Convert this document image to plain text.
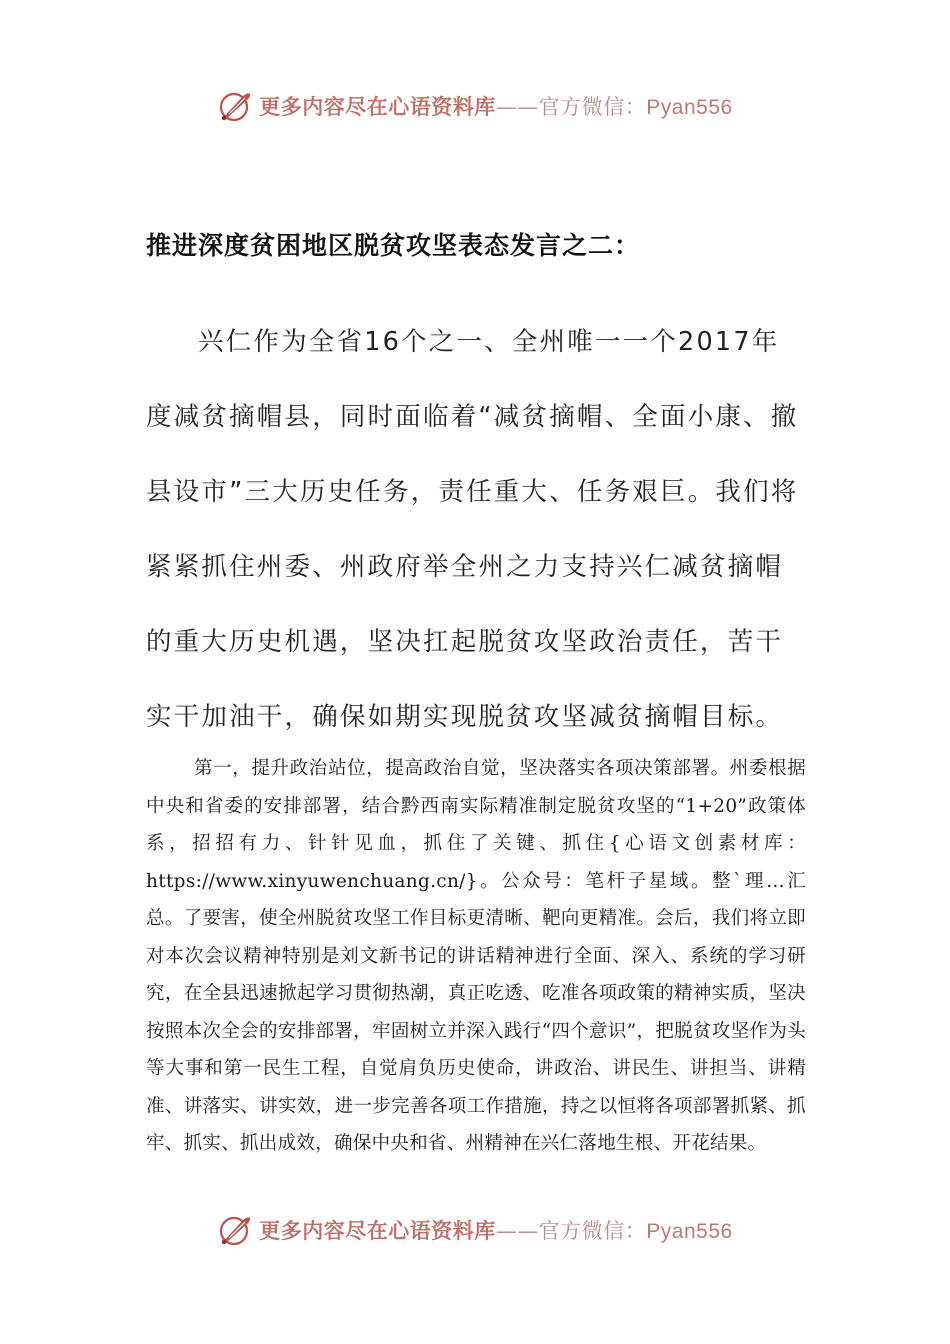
更多内容尽在心语资料库——官方微信：Pyan556
推进深度贫困地区脱贫攻坚表态发言之二：

兴仁作为全省16个之一、全州唯一一个2017年度减贫摘帽县，同时面临着“减贫摘帽、全面小康、撤县设市”三大历史任务，责任重大、任务艰巨。我们将紧紧抓住州委、州政府举全州之力支持兴仁减贫摘帽的重大历史机遇，坚决扛起脱贫攻坚政治责任，苦干实干加油干，确保如期实现脱贫攻坚减贫摘帽目标。

第一，提升政治站位，提高政治自觉，坚决落实各项决策部署。州委根据中央和省委的安排部署，结合黔西南实际精准制定脱贫攻坚的“1+20”政策体系，招招有力、针针见血，抓住了关键、抓住{心语文创素材库：https://www.xinyuwenchuang.cn/}。公众号：笔杆子星域。整`理…汇总。了要害，使全州脱贫攻坚工作目标更清晰、靶向更精准。会后，我们将立即对本次会议精神特别是刘文新书记的讲话精神进行全面、深入、系统的学习研究，在全县迅速掀起学习贯彻热潮，真正吃透、吃准各项政策的精神实质，坚决按照本次全会的安排部署，牢固树立并深入践行“四个意识”，把脱贫攻坚作为头等大事和第一民生工程，自觉肩负历史使命，讲政治、讲民生、讲担当、讲精准、讲落实、讲实效，进一步完善各项工作措施，持之以恒将各项部署抓紧、抓牢、抓实、抓出成效，确保中央和省、州精神在兴仁落地生根、开花结果。

更多内容尽在心语资料库——官方微信：Pyan556
